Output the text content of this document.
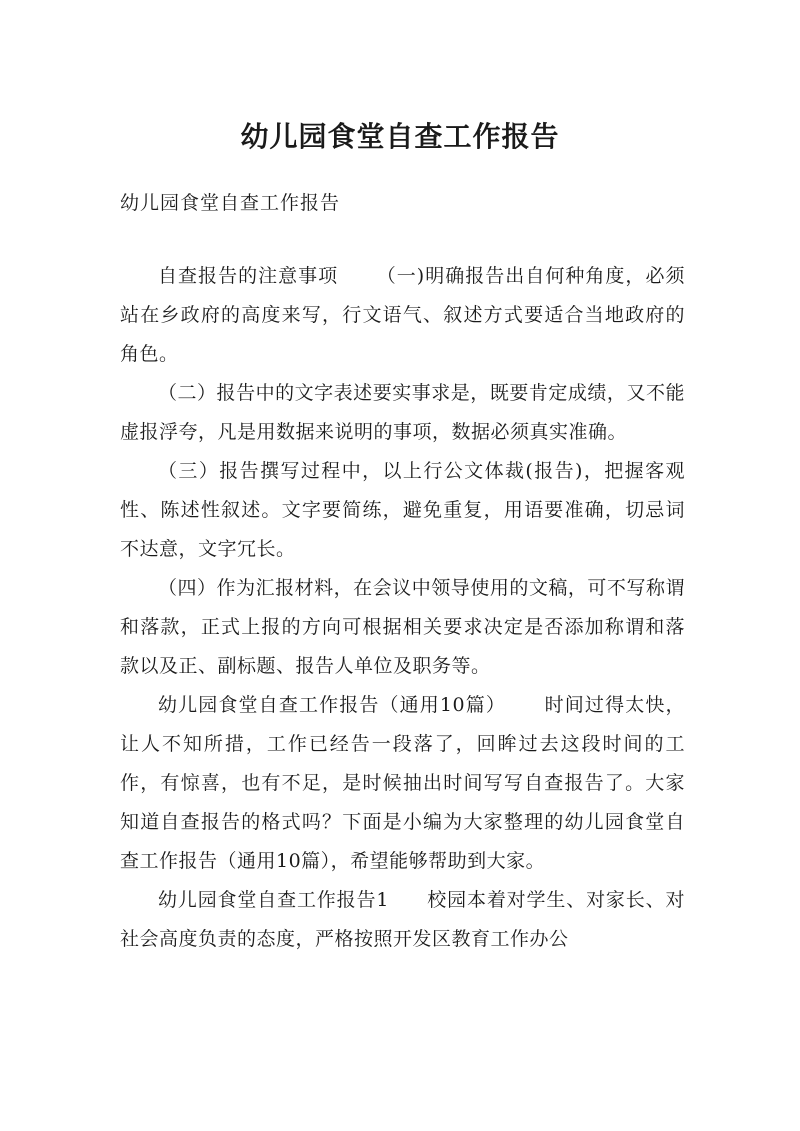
幼儿园食堂自查工作报告
幼儿园食堂自查工作报告

自查报告的注意事项 （一)明确报告出自何种角度，必须站在乡政府的高度来写，行文语气、叙述方式要适合当地政府的角色。

（二）报告中的文字表述要实事求是，既要肯定成绩，又不能虚报浮夸，凡是用数据来说明的事项，数据必须真实准确。

（三）报告撰写过程中，以上行公文体裁(报告)，把握客观性、陈述性叙述。文字要简练，避免重复，用语要准确，切忌词不达意，文字冗长。

（四）作为汇报材料，在会议中领导使用的文稿，可不写称谓和落款，正式上报的方向可根据相关要求决定是否添加称谓和落款以及正、副标题、报告人单位及职务等。

幼儿园食堂自查工作报告（通用10篇） 时间过得太快，让人不知所措，工作已经告一段落了，回眸过去这段时间的工作，有惊喜，也有不足，是时候抽出时间写写自查报告了。大家知道自查报告的格式吗？下面是小编为大家整理的幼儿园食堂自查工作报告（通用10篇），希望能够帮助到大家。

幼儿园食堂自查工作报告1 校园本着对学生、对家长、对社会高度负责的态度，严格按照开发区教育工作办公
